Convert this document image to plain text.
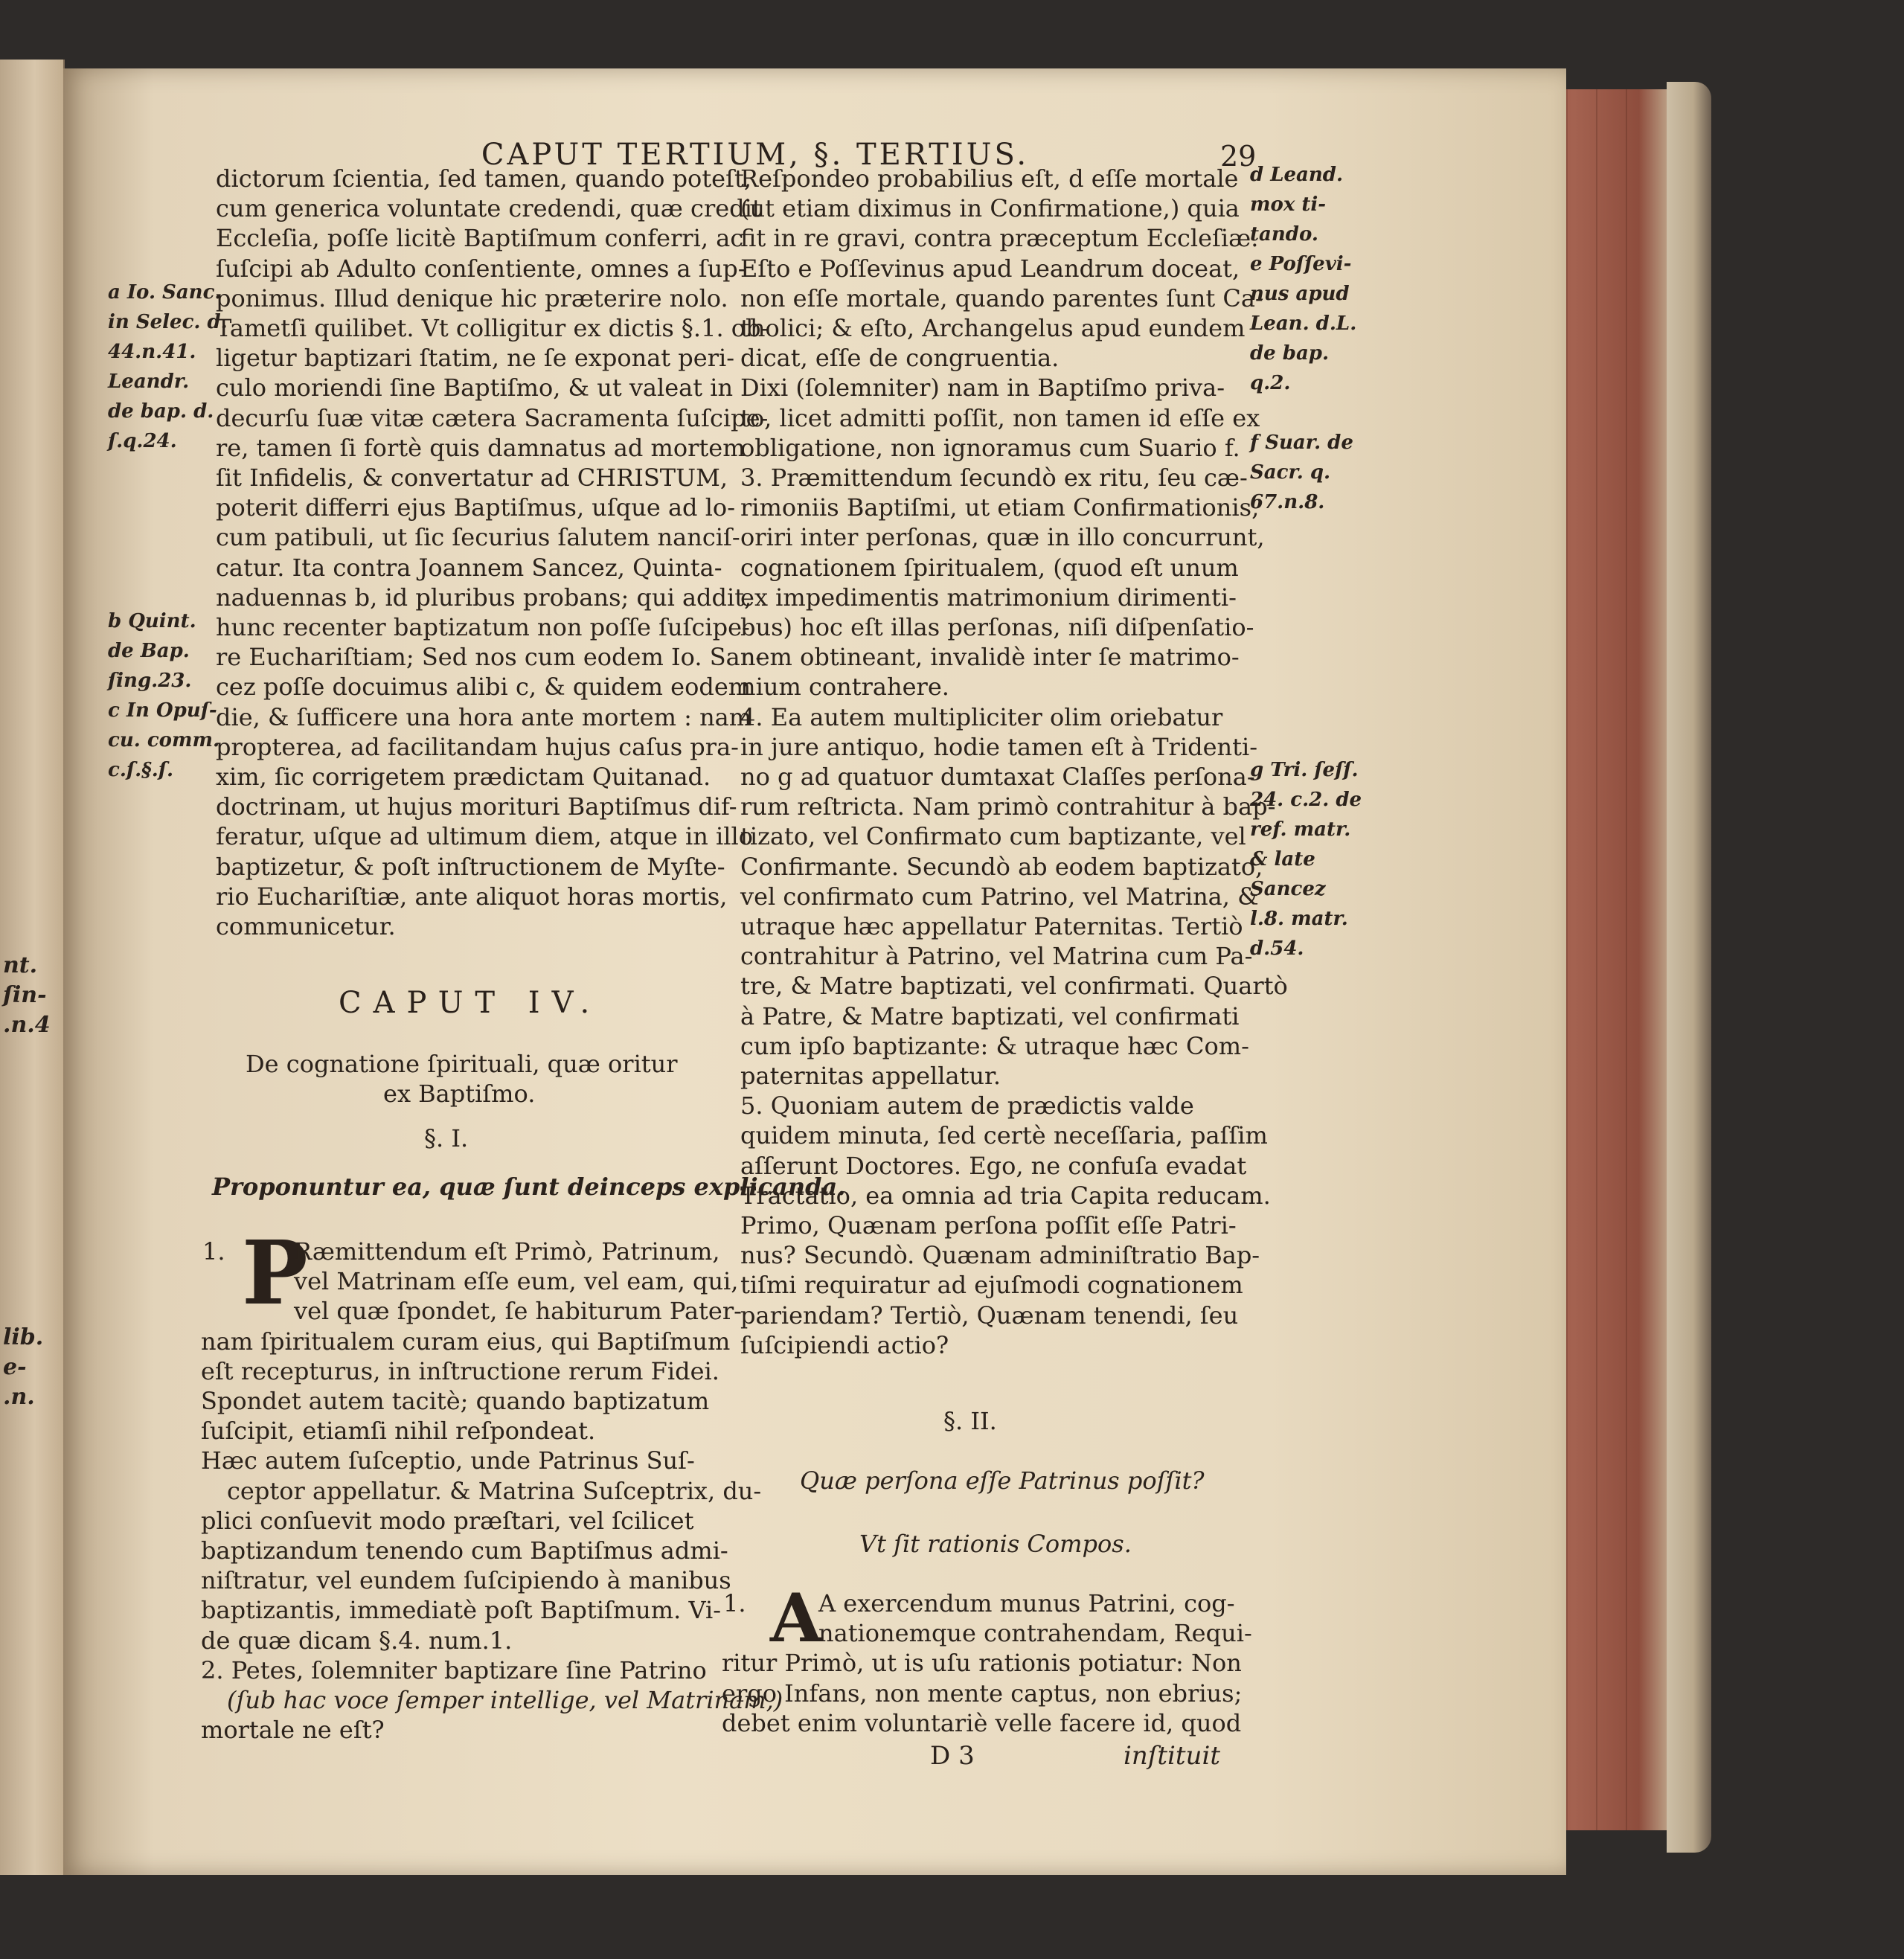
nt.
ſin-
.n.4
lib.
e-
.n.
CAPUT TERTIUM, §. TERTIUS.	29
dictorum ſcientia, ſed tamen, quando poteſt,
cum generica voluntate credendi, quæ credit
Eccleſia, poſſe licitè Baptiſmum conferri, ac
ſuſcipi ab Adulto conſentiente, omnes a ſup-
ponimus. Illud denique hic præterire nolo.
Tametſi quilibet. Vt colligitur ex dictis §.1. ob-
ligetur baptizari ſtatim, ne ſe exponat peri-
culo moriendi ſine Baptiſmo, & ut valeat in
decurſu ſuæ vitæ cætera Sacramenta ſuſcipe-
re, tamen ſi fortè quis damnatus ad mortem
ſit Infidelis, & convertatur ad CHRISTUM,
poterit differri ejus Baptiſmus, uſque ad lo-
cum patibuli, ut ſic ſecurius ſalutem nanciſ-
catur. Ita contra Joannem Sancez, Quinta-
naduennas b, id pluribus probans; qui addit,
hunc recenter baptizatum non poſſe ſuſcipe-
re Euchariſtiam; Sed nos cum eodem Io. San-
cez poſſe docuimus alibi c, & quidem eodem
die, & ſufficere una hora ante mortem : nam
propterea, ad facilitandam hujus caſus pra-
xim, ſic corrigetem prædictam Quitanad.
doctrinam, ut hujus morituri Baptiſmus dif-
feratur, uſque ad ultimum diem, atque in illo
baptizetur, & poſt inſtructionem de Myſte-
rio Euchariſtiæ, ante aliquot horas mortis,
communicetur.
a Io. Sanc.
in Selec. d.
44.n.41.
Leandr.
de bap. d.
ſ.q.24.
b Quint.
de Bap.
ſing.23.
c In Opuſ-
cu. comm.
c.ſ.§.ſ.
CAPUT IV.
De cognatione ſpirituali, quæ oritur
ex Baptiſmo.
§. I.
Proponuntur ea, quæ ſunt deinceps explicanda.
P
1.	Ræmittendum eſt Primò, Patrinum,
vel Matrinam eſſe eum, vel eam, qui,
vel quæ ſpondet, ſe habiturum Pater-
nam ſpiritualem curam eius, qui Baptiſmum
eſt recepturus, in inſtructione rerum Fidei.
Spondet autem tacitè; quando baptizatum
ſuſcipit, etiamſi nihil reſpondeat.
Hæc autem ſuſceptio, unde Patrinus Suſ-
ceptor appellatur. & Matrina Suſceptrix, du-
plici conſuevit modo præſtari, vel ſcilicet
baptizandum tenendo cum Baptiſmus admi-
niſtratur, vel eundem ſuſcipiendo à manibus
baptizantis, immediatè poſt Baptiſmum. Vi-
de quæ dicam §.4. num.1.
2. Petes, ſolemniter baptizare ſine Patrino
(ſub hac voce ſemper intellige, vel Matrinam,)
mortale ne eſt?
Reſpondeo probabilius eſt, d eſſe mortale
(ut etiam diximus in Confirmatione,) quia
fit in re gravi, contra præceptum Eccleſiæ.
Eſto e Poſſevinus apud Leandrum doceat,
non eſſe mortale, quando parentes ſunt Ca-
tholici; & eſto, Archangelus apud eundem
dicat, eſſe de congruentia.
Dixi (ſolemniter) nam in Baptiſmo priva-
to, licet admitti poſſit, non tamen id eſſe ex
obligatione, non ignoramus cum Suario f.
3. Præmittendum ſecundò ex ritu, ſeu cæ-
rimoniis Baptiſmi, ut etiam Confirmationis,
oriri inter perſonas, quæ in illo concurrunt,
cognationem ſpiritualem, (quod eſt unum
ex impedimentis matrimonium dirimenti-
bus) hoc eſt illas perſonas, niſi diſpenſatio-
nem obtineant, invalidè inter ſe matrimo-
nium contrahere.
4. Ea autem multipliciter olim oriebatur
in jure antiquo, hodie tamen eſt à Tridenti-
no g ad quatuor dumtaxat Claſſes perſona-
rum reſtricta. Nam primò contrahitur à bap-
tizato, vel Confirmato cum baptizante, vel
Confirmante. Secundò ab eodem baptizato,
vel confirmato cum Patrino, vel Matrina, &
utraque hæc appellatur Paternitas. Tertiò
contrahitur à Patrino, vel Matrina cum Pa-
tre, & Matre baptizati, vel confirmati. Quartò
à Patre, & Matre baptizati, vel confirmati
cum ipſo baptizante: & utraque hæc Com-
paternitas appellatur.
5. Quoniam autem de prædictis valde
quidem minuta, ſed certè neceſſaria, paſſim
aſſerunt Doctores. Ego, ne confuſa evadat
Tractatio, ea omnia ad tria Capita reducam.
Primo, Quænam perſona poſſit eſſe Patri-
nus? Secundò. Quænam adminiſtratio Bap-
tiſmi requiratur ad ejuſmodi cognationem
pariendam? Tertiò, Quænam tenendi, ſeu
ſuſcipiendi actio?
d Leand.
mox ti-
tando.
e Poſſevi-
nus apud
Lean. d.L.
de bap.
q.2.
f Suar. de
Sacr. q.
67.n.8.
g Tri. ſeſſ.
24. c.2. de
ref. matr.
& late
Sancez
l.8. matr.
d.54.
§. II.
Quæ perſona eſſe Patrinus poſſit?
Vt ſit rationis Compos.
A
1.	A exercendum munus Patrini, cog-
nationemque contrahendam, Requi-
ritur Primò, ut is uſu rationis potiatur: Non
ergo Infans, non mente captus, non ebrius;
debet enim voluntariè velle facere id, quod
D 3	inſtituit
